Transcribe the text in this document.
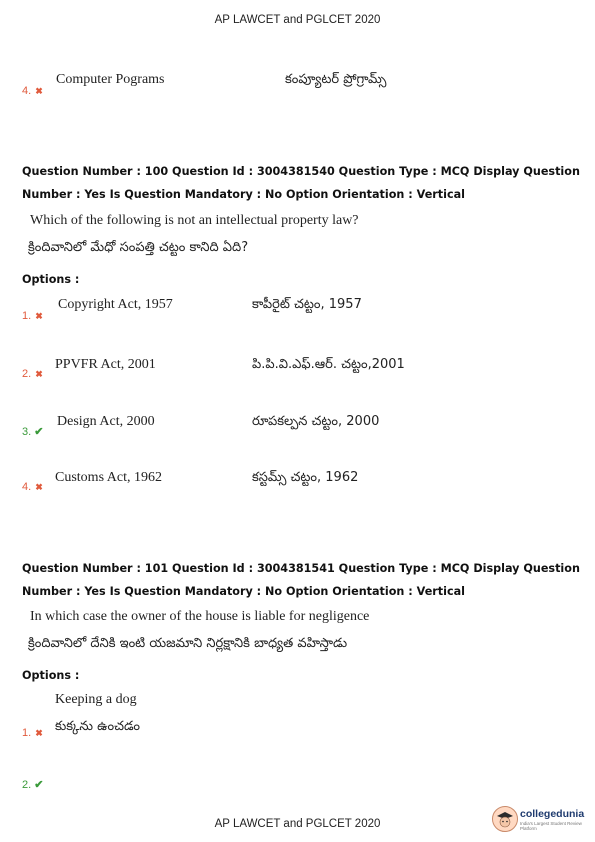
AP LAWCET and PGLCET 2020
4. ✖
Computer Pograms	కంప్యూటర్ ప్రోగ్రామ్స్
Question Number : 100 Question Id : 3004381540 Question Type : MCQ Display Question
Number : Yes Is Question Mandatory : No Option Orientation : Vertical
Which of the following is not an intellectual property law?
క్రిందివానిలో మేధో సంపత్తి చట్టం కానిది ఏది?
Options :
1. ✖
Copyright Act, 1957	కాపీరైట్ చట్టం, 1957
2. ✖
PPVFR Act, 2001	పి.పి.వి.ఎఫ్.ఆర్. చట్టం,2001
3. ✔
Design Act, 2000	రూపకల్పన చట్టం, 2000
4. ✖
Customs Act, 1962	కస్టమ్స్ చట్టం, 1962
Question Number : 101 Question Id : 3004381541 Question Type : MCQ Display Question
Number : Yes Is Question Mandatory : No Option Orientation : Vertical
In which case the owner of the house is liable for negligence
క్రిందివానిలో దేనికి ఇంటి యజమాని నిర్లక్షానికి బాధ్యత వహిస్తాడు
Options :
Keeping a dog
1. ✖ కుక్కను ఉంచడం
2. ✔
AP LAWCET and PGLCET 2020
collegedunia
India's Largest Student Review Platform
